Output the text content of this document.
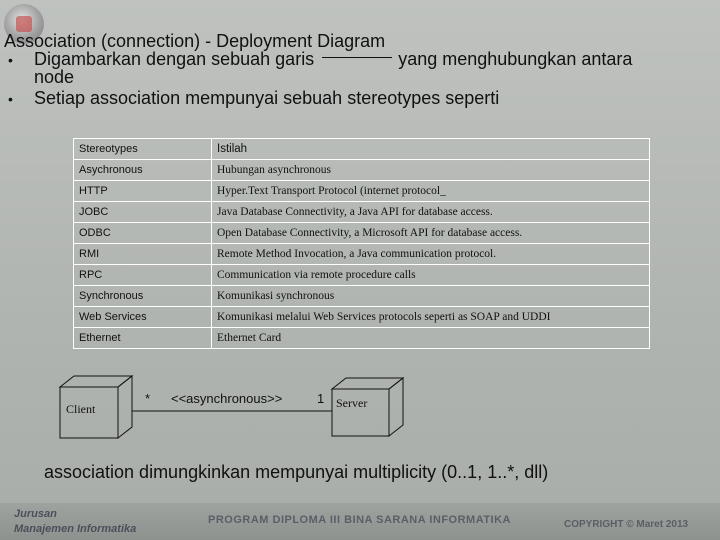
Association (connection) - Deployment Diagram
• Digambarkan dengan sebuah garis	yang menghubungkan antara
node
• Setiap association mempunyai sebuah stereotypes seperti
Stereotypes	Istilah
Asychronous	Hubungan asynchronous
HTTP	Hyper.Text Transport Protocol (internet protocol_
JOBC	Java Database Connectivity, a Java API for database access.
ODBC	Open Database Connectivity, a Microsoft API for database access.
RMI	Remote Method Invocation, a Java communication protocol.
RPC	Communication via remote procedure calls
Synchronous	Komunikasi synchronous
Web Services	Komunikasi melalui Web Services protocols seperti as SOAP and UDDI
Ethernet	Ethernet Card
Client	Server
* <<asynchronous>>	1
association dimungkinkan mempunyai multiplicity (0..1, 1..*, dll)
Jurusan
Manajemen Informatika
PROGRAM DIPLOMA III BINA SARANA INFORMATIKA	COPYRIGHT © Maret 2013
